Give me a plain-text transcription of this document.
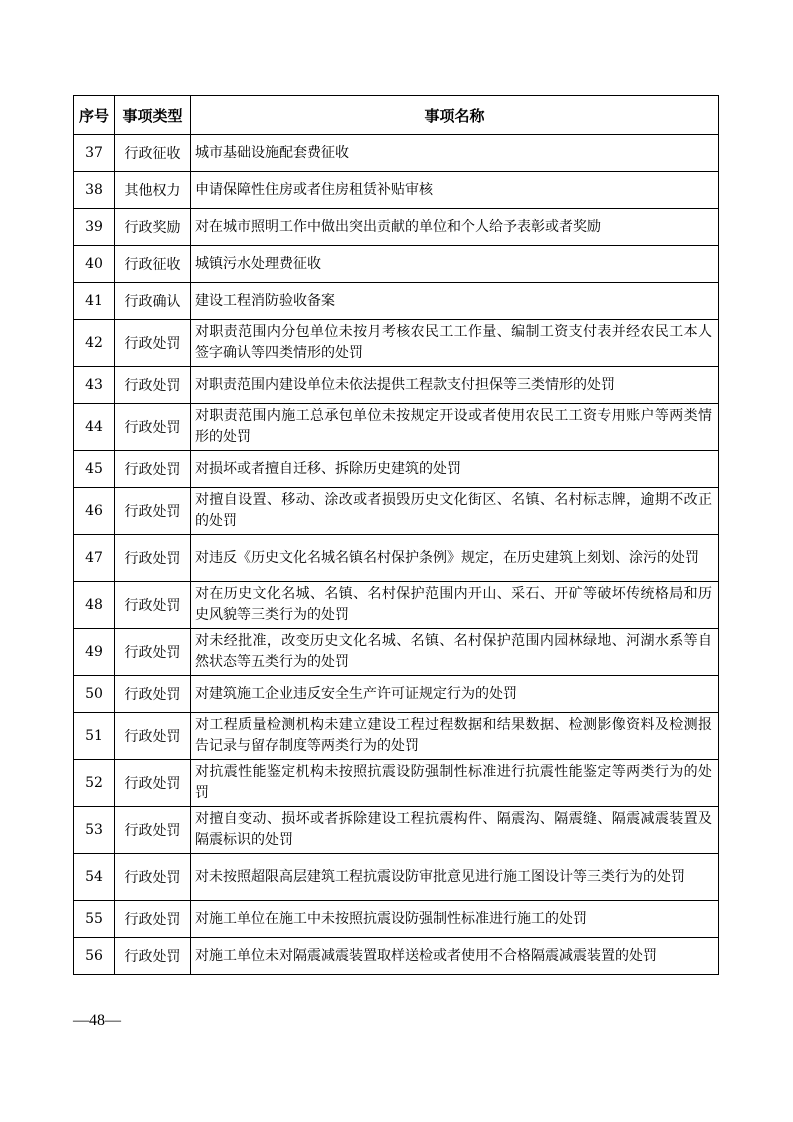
序号	事项类型	事项名称
37	行政征收	城市基础设施配套费征收
38	其他权力	申请保障性住房或者住房租赁补贴审核
39	行政奖励	对在城市照明工作中做出突出贡献的单位和个人给予表彰或者奖励
40	行政征收	城镇污水处理费征收
41	行政确认	建设工程消防验收备案
42	行政处罚	对职责范围内分包单位未按月考核农民工工作量、编制工资支付表并经农民工本人签字确认等四类情形的处罚
43	行政处罚	对职责范围内建设单位未依法提供工程款支付担保等三类情形的处罚
44	行政处罚	对职责范围内施工总承包单位未按规定开设或者使用农民工工资专用账户等两类情形的处罚
45	行政处罚	对损坏或者擅自迁移、拆除历史建筑的处罚
46	行政处罚	对擅自设置、移动、涂改或者损毁历史文化街区、名镇、名村标志牌，逾期不改正的处罚
47	行政处罚	对违反《历史文化名城名镇名村保护条例》规定，在历史建筑上刻划、涂污的处罚
48	行政处罚	对在历史文化名城、名镇、名村保护范围内开山、采石、开矿等破坏传统格局和历史风貌等三类行为的处罚
49	行政处罚	对未经批准，改变历史文化名城、名镇、名村保护范围内园林绿地、河湖水系等自然状态等五类行为的处罚
50	行政处罚	对建筑施工企业违反安全生产许可证规定行为的处罚
51	行政处罚	对工程质量检测机构未建立建设工程过程数据和结果数据、检测影像资料及检测报告记录与留存制度等两类行为的处罚
52	行政处罚	对抗震性能鉴定机构未按照抗震设防强制性标准进行抗震性能鉴定等两类行为的处罚
53	行政处罚	对擅自变动、损坏或者拆除建设工程抗震构件、隔震沟、隔震缝、隔震减震装置及隔震标识的处罚
54	行政处罚	对未按照超限高层建筑工程抗震设防审批意见进行施工图设计等三类行为的处罚
55	行政处罚	对施工单位在施工中未按照抗震设防强制性标准进行施工的处罚
56	行政处罚	对施工单位未对隔震减震装置取样送检或者使用不合格隔震减震装置的处罚
—48—
